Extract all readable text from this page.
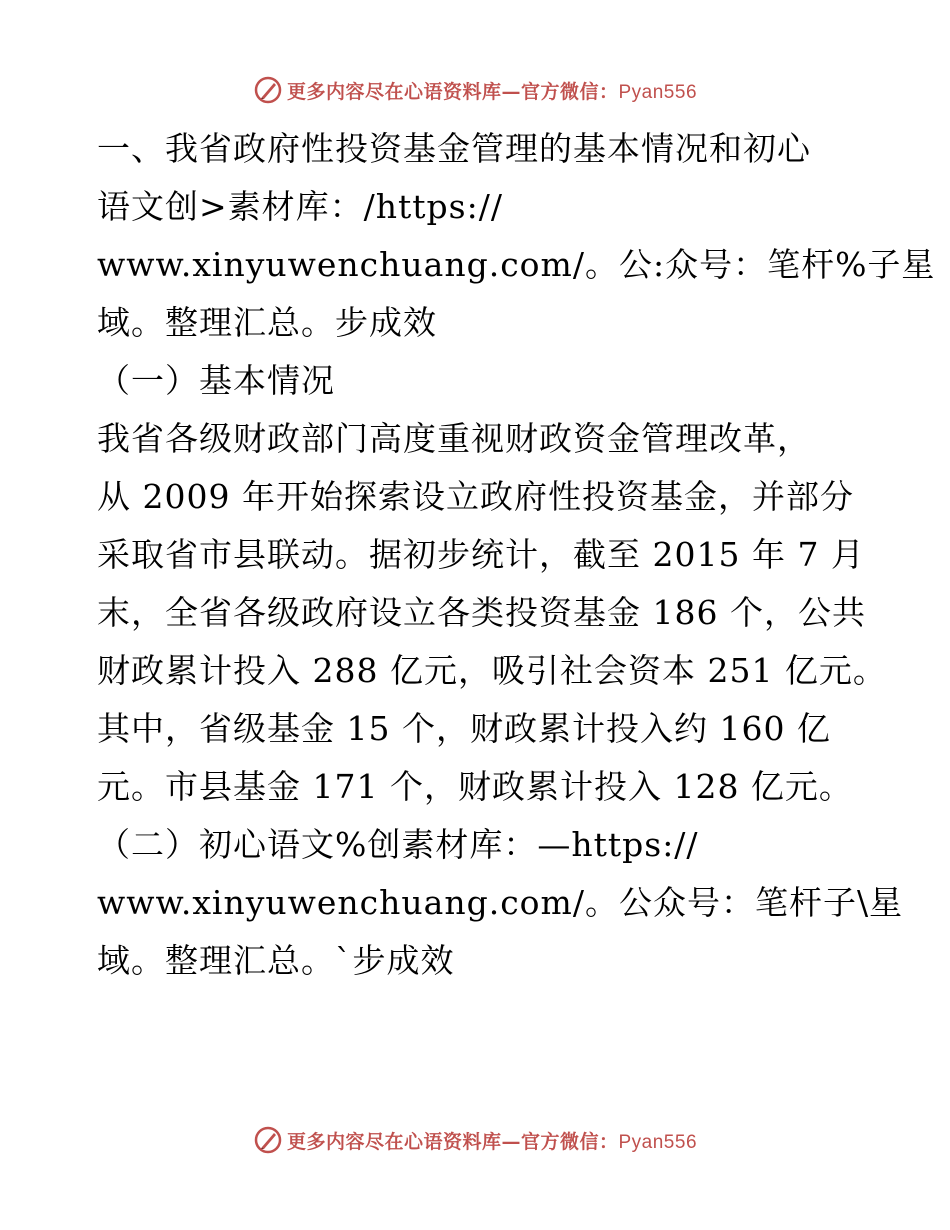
更多内容尽在心语资料库—官方微信：Pyan556
一、我省政府性投资基金管理的基本情况和初心
语文创>素材库：/https://
www.xinyuwenchuang.com/。公:众号：笔杆%子星
域。整理汇总。步成效
（一）基本情况
我省各级财政部门高度重视财政资金管理改革，
从 2009 年开始探索设立政府性投资基金，并部分
采取省市县联动。据初步统计，截至 2015 年 7 月
末，全省各级政府设立各类投资基金 186 个，公共
财政累计投入 288 亿元，吸引社会资本 251 亿元。
其中，省级基金 15 个，财政累计投入约 160 亿
元。市县基金 171 个，财政累计投入 128 亿元。
（二）初心语文%创素材库：—https://
www.xinyuwenchuang.com/。公众号：笔杆子\星
域。整理汇总。`步成效
更多内容尽在心语资料库—官方微信：Pyan556
